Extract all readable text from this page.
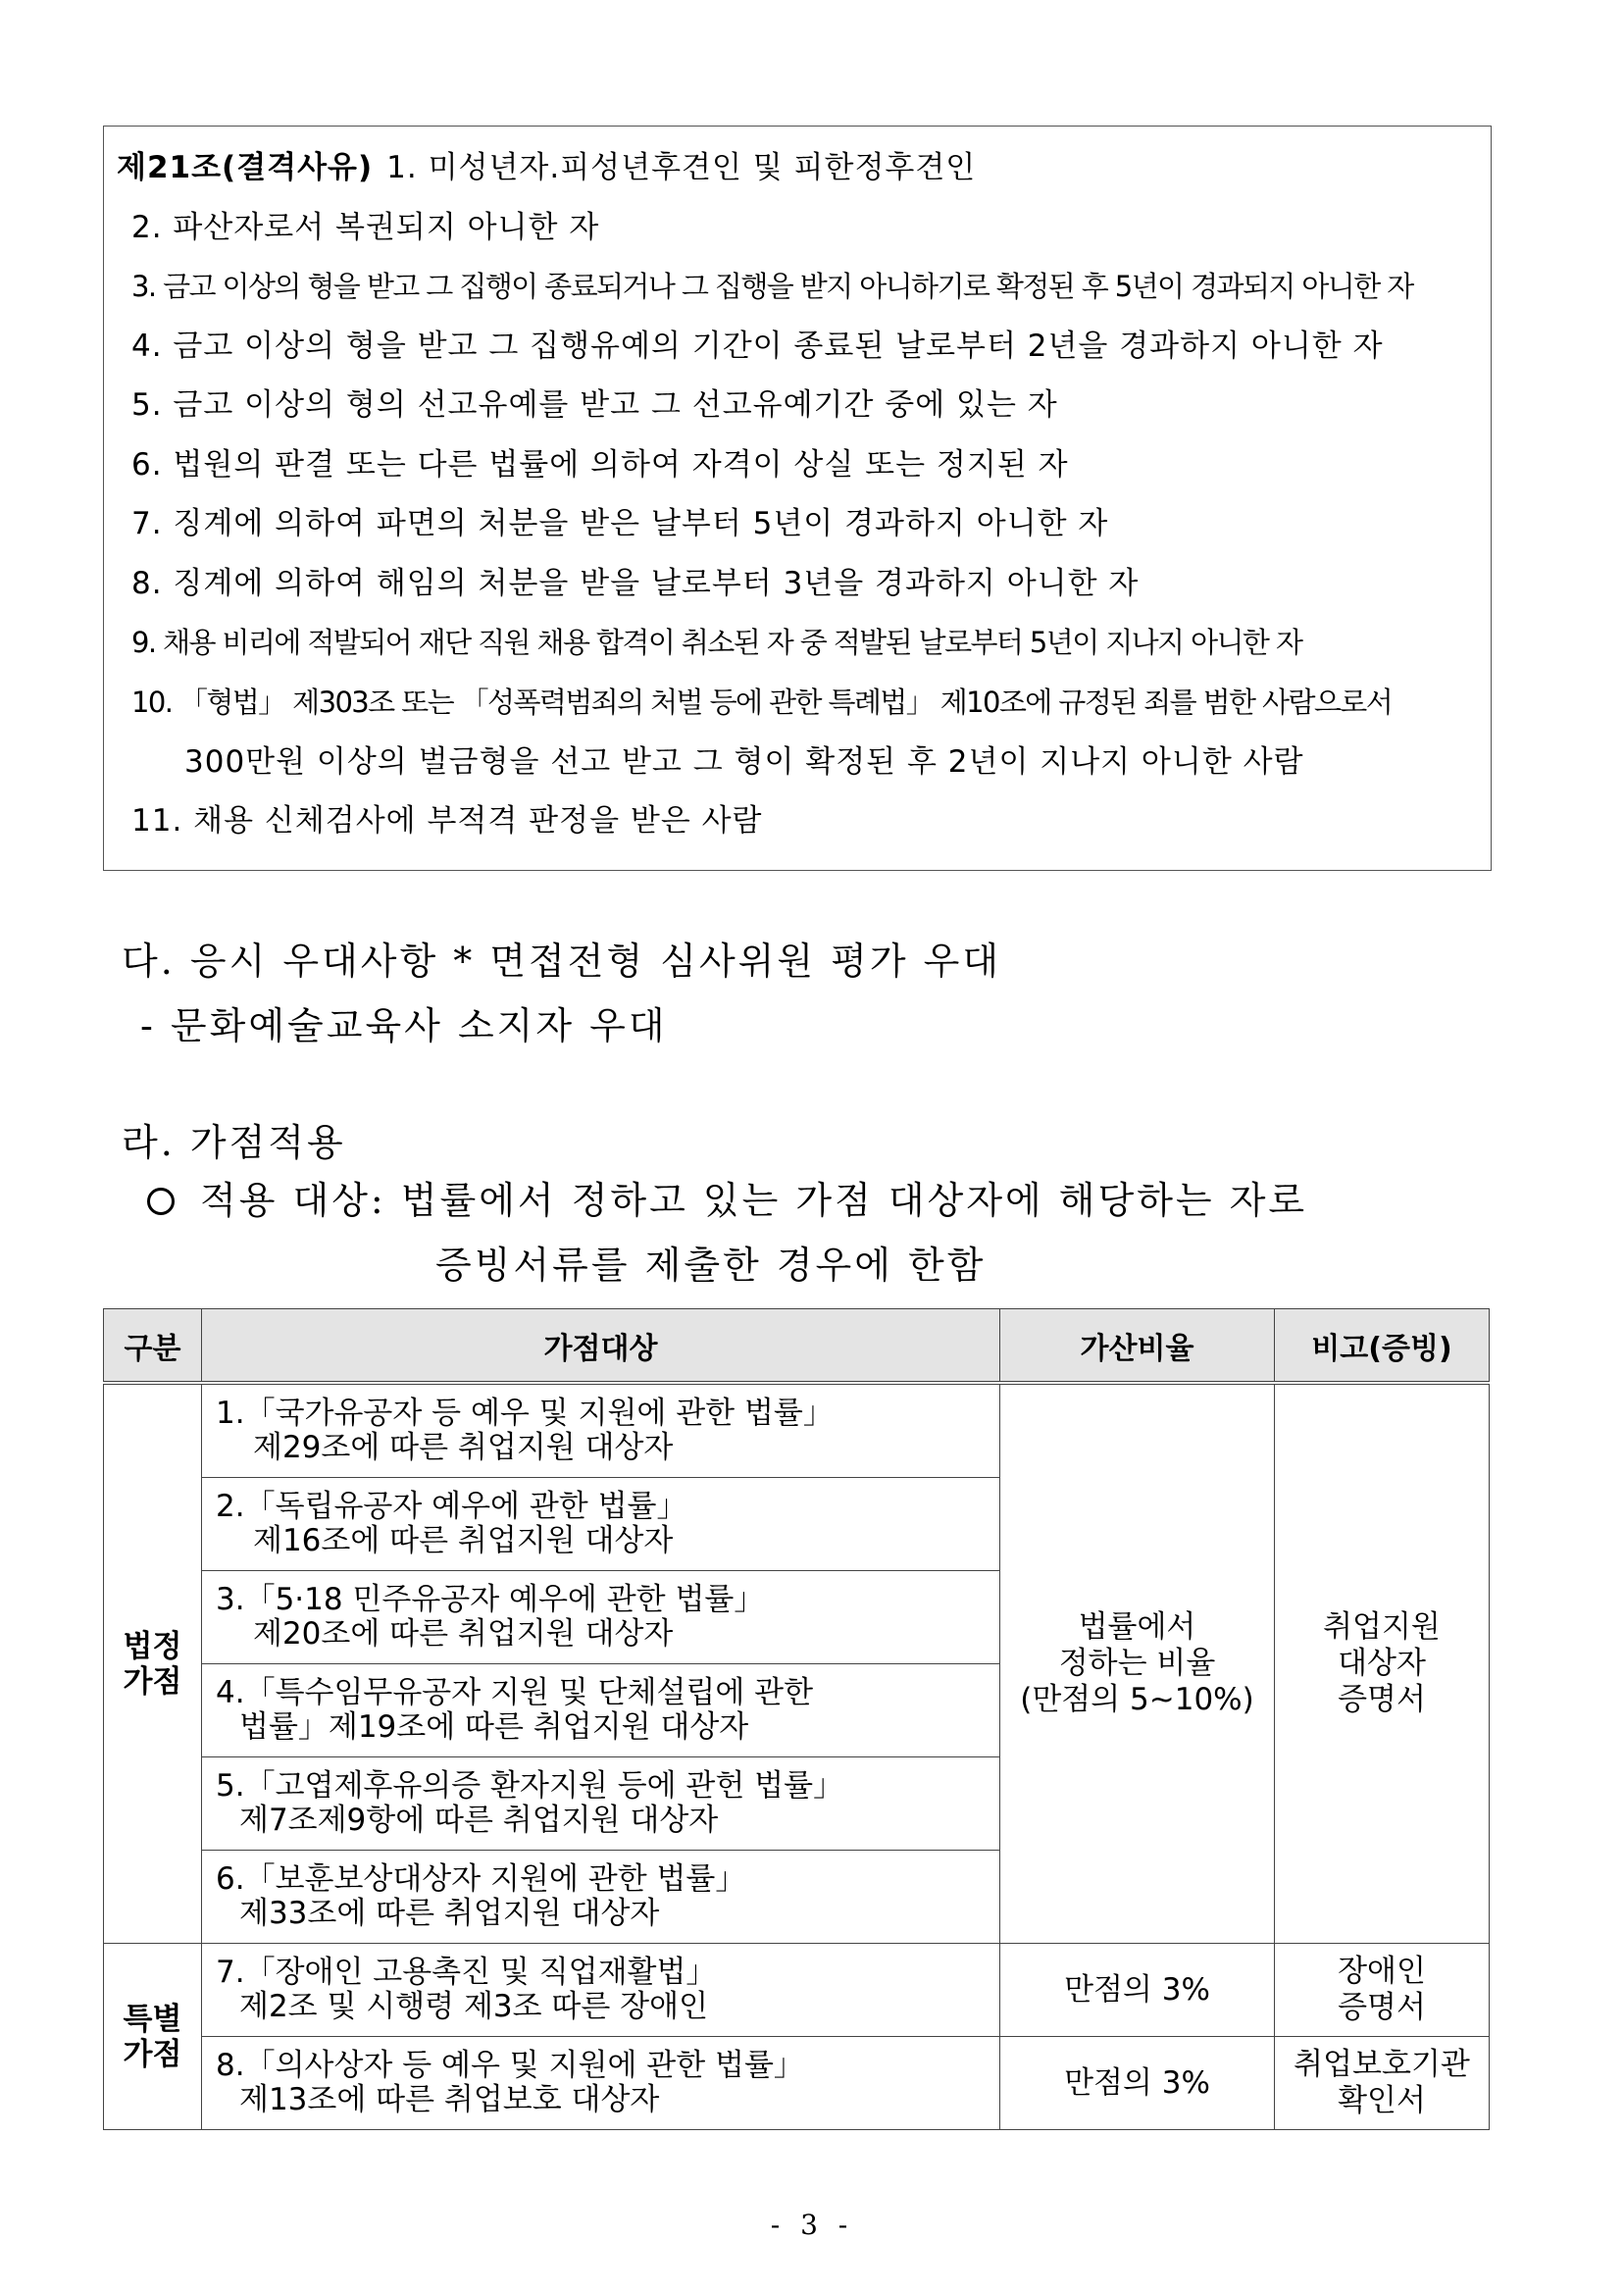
제21조(결격사유) 1. 미성년자.피성년후견인 및 피한정후견인
2. 파산자로서 복권되지 아니한 자
3. 금고 이상의 형을 받고 그 집행이 종료되거나 그 집행을 받지 아니하기로 확정된 후 5년이 경과되지 아니한 자
4. 금고 이상의 형을 받고 그 집행유예의 기간이 종료된 날로부터 2년을 경과하지 아니한 자
5. 금고 이상의 형의 선고유예를 받고 그 선고유예기간 중에 있는 자
6. 법원의 판결 또는 다른 법률에 의하여 자격이 상실 또는 정지된 자
7. 징계에 의하여 파면의 처분을 받은 날부터 5년이 경과하지 아니한 자
8. 징계에 의하여 해임의 처분을 받을 날로부터 3년을 경과하지 아니한 자
9. 채용 비리에 적발되어 재단 직원 채용 합격이 취소된 자 중 적발된 날로부터 5년이 지나지 아니한 자
10. 「형법」 제303조 또는 「성폭력범죄의 처벌 등에 관한 특례법」 제10조에 규정된 죄를 범한 사람으로서
300만원 이상의 벌금형을 선고 받고 그 형이 확정된 후 2년이 지나지 아니한 사람
11. 채용 신체검사에 부적격 판정을 받은 사람
다. 응시 우대사항 * 면접전형 심사위원 평가 우대
- 문화예술교육사 소지자 우대
라. 가점적용
적용 대상: 법률에서 정하고 있는 가점 대상자에 해당하는 자로
증빙서류를 제출한 경우에 한함
구분	가점대상	가산비율	비고(증빙)

법정
가점	1.「국가유공자 등 예우 및 지원에 관한 법률」
제29조에 따른 취업지원 대상자	법률에서
정하는 비율
(만점의 5~10%)	취업지원
대상자
증명서

	2.「독립유공자 예우에 관한 법률」
제16조에 따른 취업지원 대상자		

	3.「5·18 민주유공자 예우에 관한 법률」
제20조에 따른 취업지원 대상자		

	4.「특수임무유공자 지원 및 단체설립에 관한
법률」제19조에 따른 취업지원 대상자		

	5.「고엽제후유의증 환자지원 등에 관헌 법률」
제7조제9항에 따른 취업지원 대상자		

	6.「보훈보상대상자 지원에 관한 법률」
제33조에 따른 취업지원 대상자		

특별
가점	7.「장애인 고용촉진 및 직업재활법」
제2조 및 시행령 제3조 따른 장애인	만점의 3%	장애인
증명서

	8.「의사상자 등 예우 및 지원에 관한 법률」
제13조에 따른 취업보호 대상자	만점의 3%	취업보호기관
확인서
- 3 -
